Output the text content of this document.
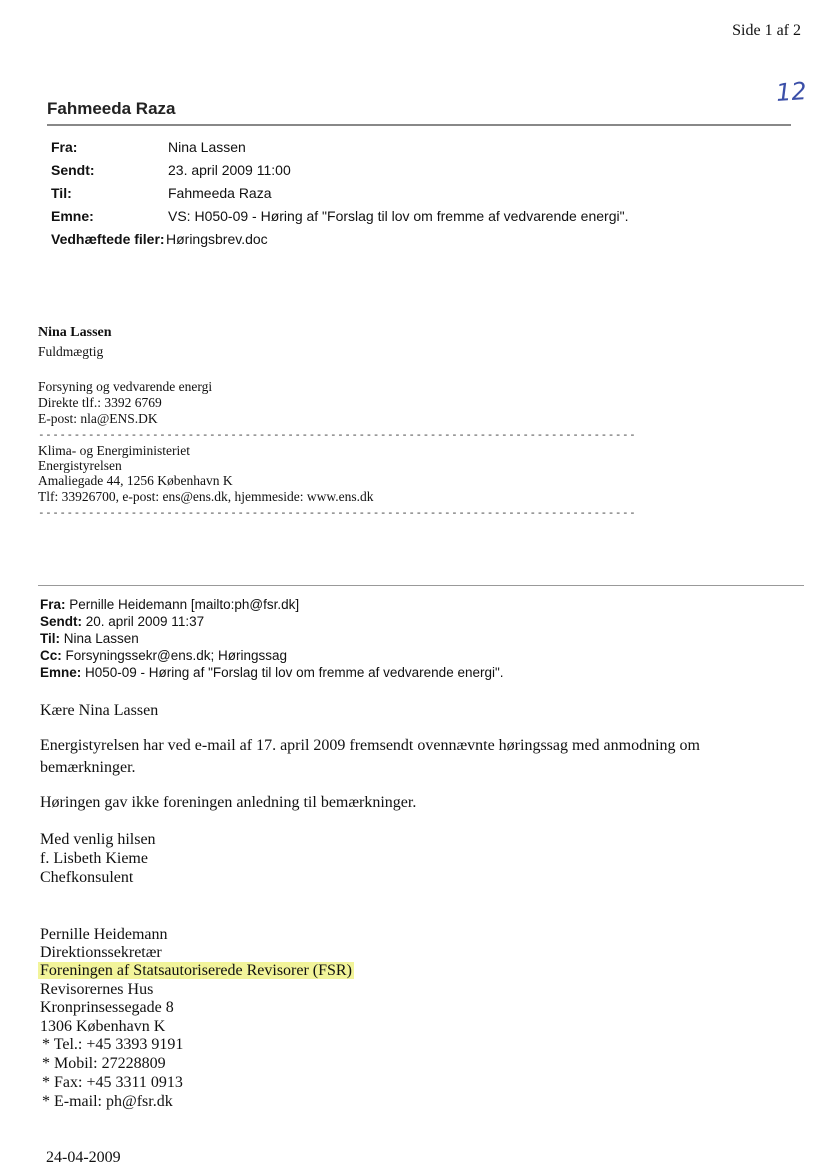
Side 1 af 2
12
Fahmeeda Raza
Fra:	Nina Lassen
Sendt:	23. april 2009 11:00
Til:	Fahmeeda Raza
Emne:	VS: H050-09 - Høring af "Forslag til lov om fremme af vedvarende energi".
Vedhæftede filer: Høringsbrev.doc
Nina Lassen
Fuldmægtig
Forsyning og vedvarende energi
Direkte tlf.: 3392 6769
E-post: nla@ENS.DK
------------------------------------------------------------------------------------
Klima- og Energiministeriet
Energistyrelsen
Amaliegade 44, 1256 København K
Tlf: 33926700, e-post: ens@ens.dk, hjemmeside: www.ens.dk
------------------------------------------------------------------------------------
Fra: Pernille Heidemann [mailto:ph@fsr.dk]
Sendt: 20. april 2009 11:37
Til: Nina Lassen
Cc: Forsyningssekr@ens.dk; Høringssag
Emne: H050-09 - Høring af "Forslag til lov om fremme af vedvarende energi".
Kære Nina Lassen
Energistyrelsen har ved e-mail af 17. april 2009 fremsendt ovennævnte høringssag med anmodning om
bemærkninger.
Høringen gav ikke foreningen anledning til bemærkninger.
Med venlig hilsen
f. Lisbeth Kieme
Chefkonsulent
Pernille Heidemann
Direktionssekretær
Foreningen af Statsautoriserede Revisorer (FSR)
Revisorernes Hus
Kronprinsessegade 8
1306 København K
* Tel.: +45 3393 9191
* Mobil: 27228809
* Fax: +45 3311 0913
* E-mail: ph@fsr.dk
24-04-2009
